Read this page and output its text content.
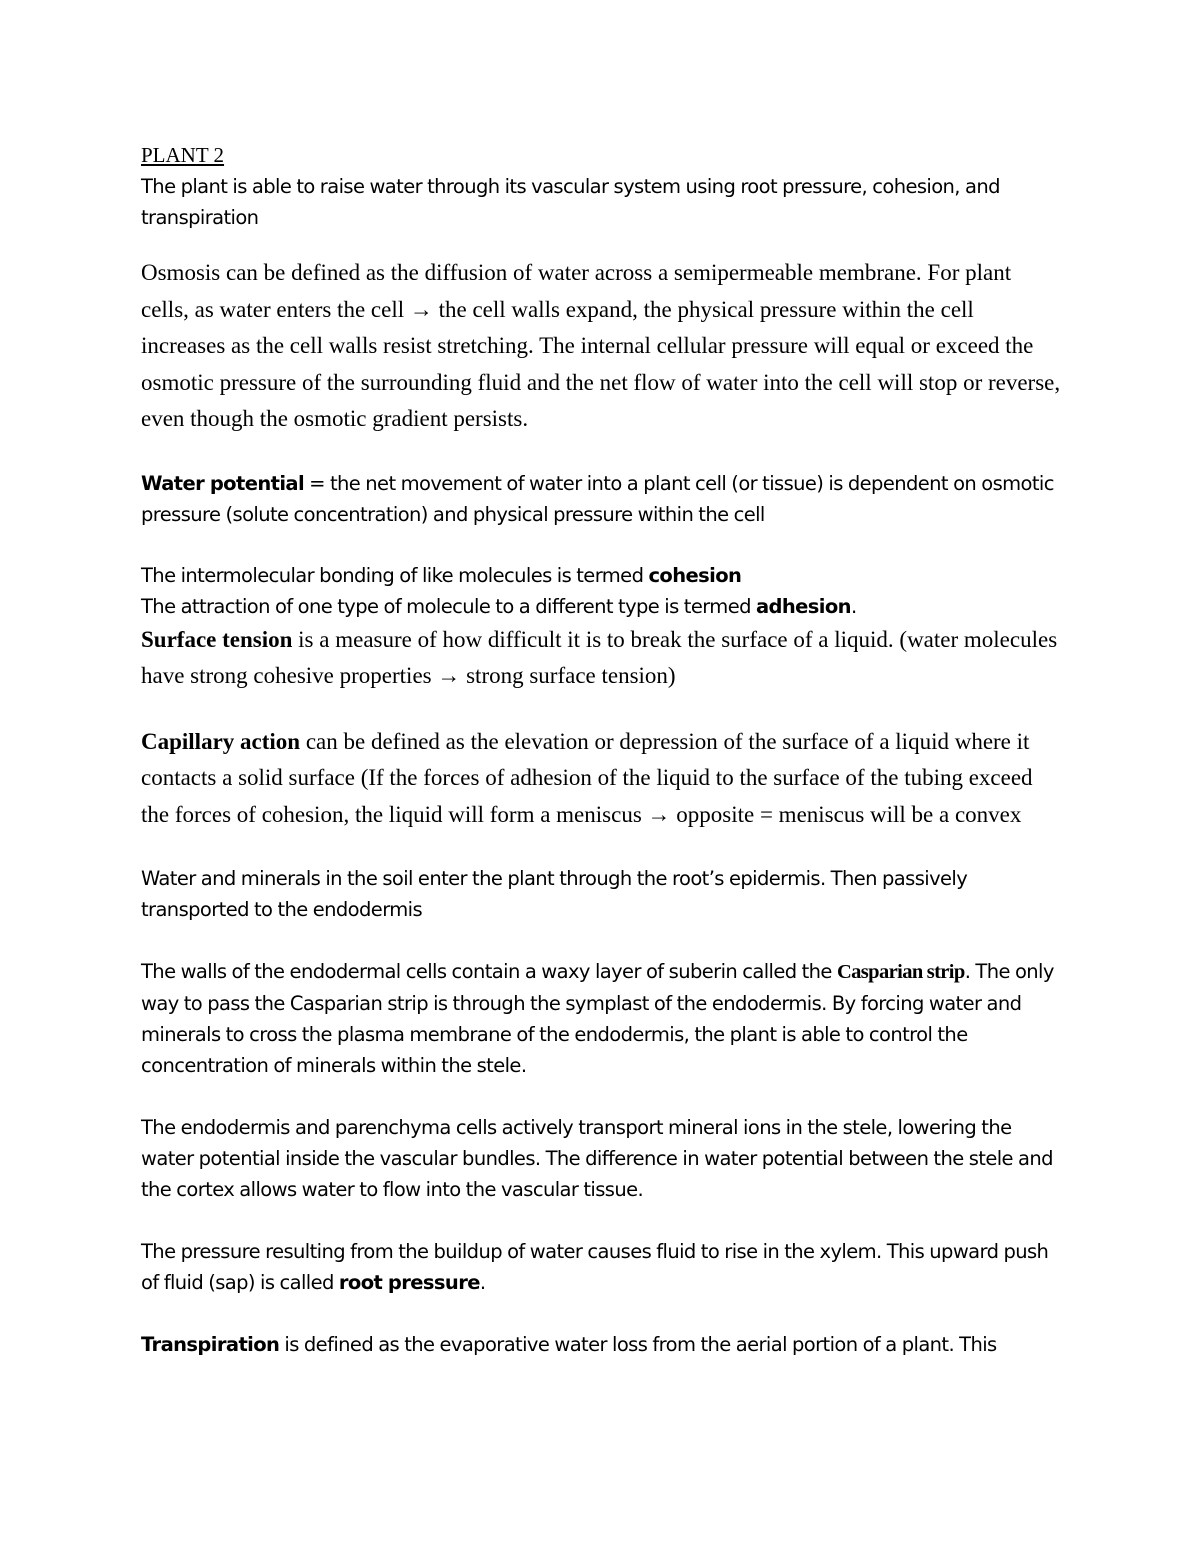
PLANT 2

The plant is able to raise water through its vascular system using root pressure, cohesion, and transpiration

Osmosis can be defined as the diffusion of water across a semipermeable membrane. For plant cells, as water enters the cell → the cell walls expand, the physical pressure within the cell increases as the cell walls resist stretching. The internal cellular pressure will equal or exceed the osmotic pressure of the surrounding fluid and the net flow of water into the cell will stop or reverse, even though the osmotic gradient persists.

Water potential = the net movement of water into a plant cell (or tissue) is dependent on osmotic pressure (solute concentration) and physical pressure within the cell

The intermolecular bonding of like molecules is termed cohesion

The attraction of one type of molecule to a different type is termed adhesion.

Surface tension is a measure of how difficult it is to break the surface of a liquid. (water molecules have strong cohesive properties → strong surface tension)

Capillary action can be defined as the elevation or depression of the surface of a liquid where it contacts a solid surface (If the forces of adhesion of the liquid to the surface of the tubing exceed the forces of cohesion, the liquid will form a meniscus → opposite = meniscus will be a convex

Water and minerals in the soil enter the plant through the root’s epidermis. Then passively transported to the endodermis

The walls of the endodermal cells contain a waxy layer of suberin called the Casparian strip. The only way to pass the Casparian strip is through the symplast of the endodermis. By forcing water and minerals to cross the plasma membrane of the endodermis, the plant is able to control the concentration of minerals within the stele.

The endodermis and parenchyma cells actively transport mineral ions in the stele, lowering the water potential inside the vascular bundles. The difference in water potential between the stele and the cortex allows water to flow into the vascular tissue.

The pressure resulting from the buildup of water causes fluid to rise in the xylem. This upward push of fluid (sap) is called root pressure.

Transpiration is defined as the evaporative water loss from the aerial portion of a plant. This
